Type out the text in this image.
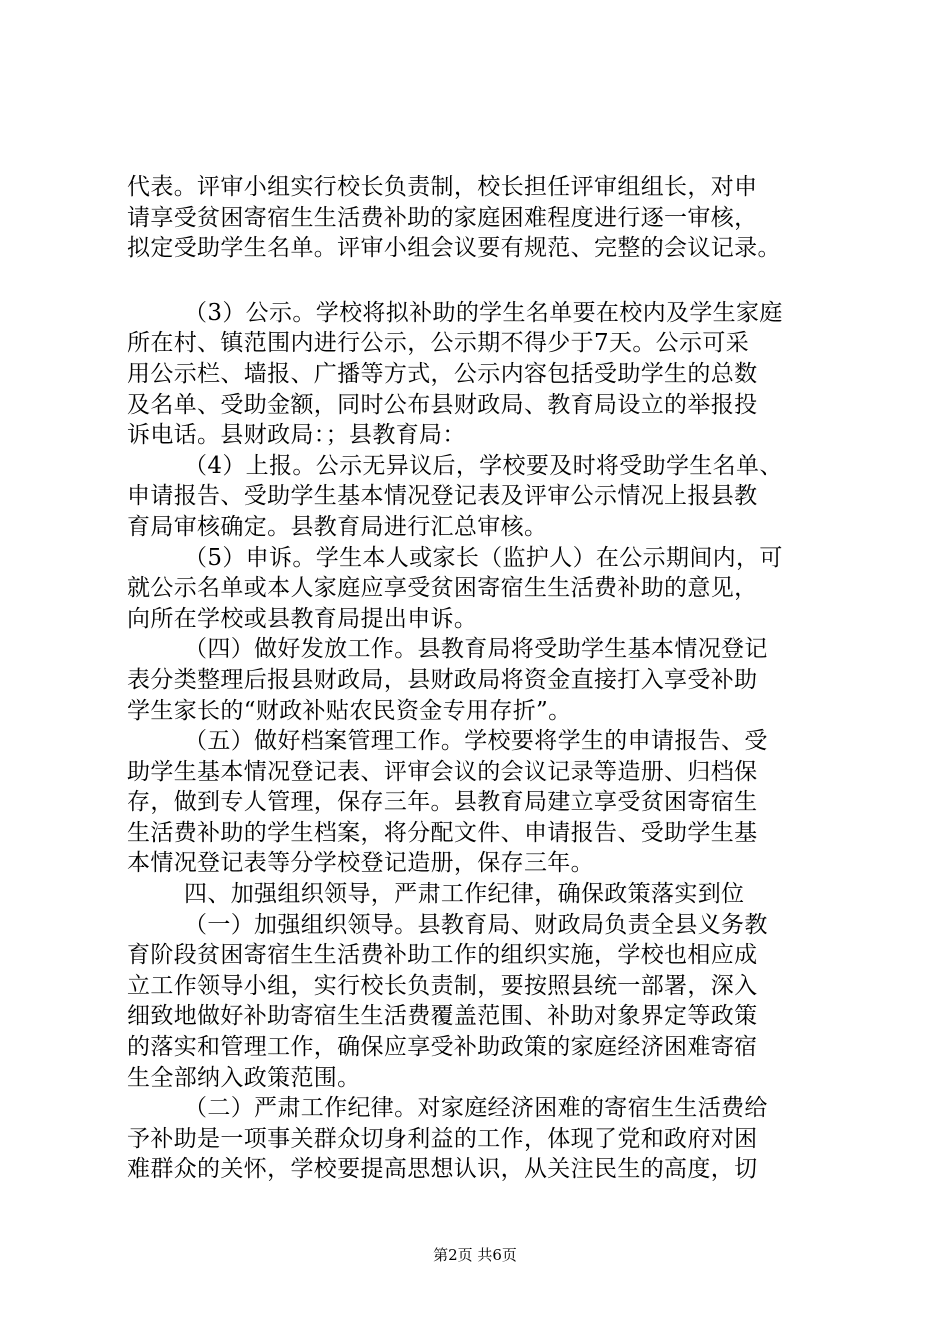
代表。评审小组实行校长负责制，校长担任评审组组长，对申
请享受贫困寄宿生生活费补助的家庭困难程度进行逐一审核，
拟定受助学生名单。评审小组会议要有规范、完整的会议记录。
（3）公示。学校将拟补助的学生名单要在校内及学生家庭
所在村、镇范围内进行公示，公示期不得少于7天。公示可采
用公示栏、墙报、广播等方式，公示内容包括受助学生的总数
及名单、受助金额，同时公布县财政局、教育局设立的举报投
诉电话。县财政局：；县教育局：
（4）上报。公示无异议后，学校要及时将受助学生名单、
申请报告、受助学生基本情况登记表及评审公示情况上报县教
育局审核确定。县教育局进行汇总审核。
（5）申诉。学生本人或家长（监护人）在公示期间内，可
就公示名单或本人家庭应享受贫困寄宿生生活费补助的意见，
向所在学校或县教育局提出申诉。
（四）做好发放工作。县教育局将受助学生基本情况登记
表分类整理后报县财政局，县财政局将资金直接打入享受补助
学生家长的“财政补贴农民资金专用存折”。
（五）做好档案管理工作。学校要将学生的申请报告、受
助学生基本情况登记表、评审会议的会议记录等造册、归档保
存，做到专人管理，保存三年。县教育局建立享受贫困寄宿生
生活费补助的学生档案，将分配文件、申请报告、受助学生基
本情况登记表等分学校登记造册，保存三年。
四、加强组织领导，严肃工作纪律，确保政策落实到位
（一）加强组织领导。县教育局、财政局负责全县义务教
育阶段贫困寄宿生生活费补助工作的组织实施，学校也相应成
立工作领导小组，实行校长负责制，要按照县统一部署，深入
细致地做好补助寄宿生生活费覆盖范围、补助对象界定等政策
的落实和管理工作，确保应享受补助政策的家庭经济困难寄宿
生全部纳入政策范围。
（二）严肃工作纪律。对家庭经济困难的寄宿生生活费给
予补助是一项事关群众切身利益的工作，体现了党和政府对困
难群众的关怀，学校要提高思想认识，从关注民生的高度，切
第2页 共6页
